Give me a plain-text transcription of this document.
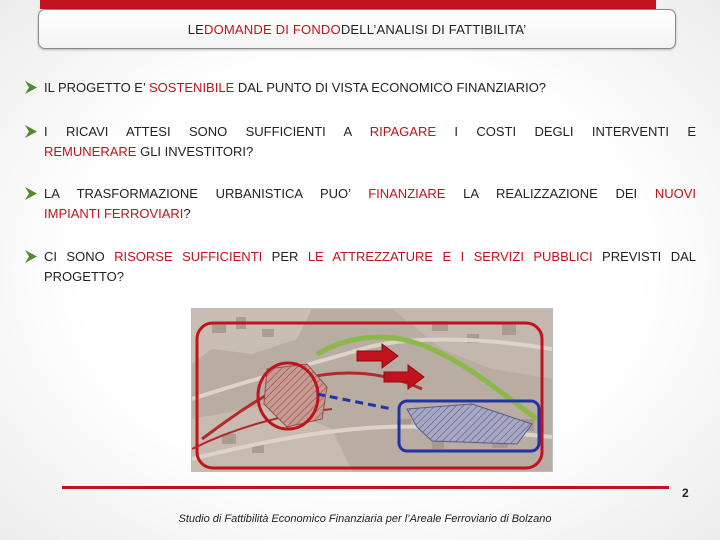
LE DOMANDE DI FONDO DELL’ANALISI DI FATTIBILITA’
IL PROGETTO E’ SOSTENIBILE DAL PUNTO DI VISTA ECONOMICO FINANZIARIO?
I RICAVI ATTESI SONO SUFFICIENTI A RIPAGARE I COSTI DEGLI INTERVENTI E
REMUNERARE GLI INVESTITORI?
LA TRASFORMAZIONE URBANISTICA PUO’ FINANZIARE LA REALIZZAZIONE DEI NUOVI
IMPIANTI FERROVIARI?
CI SONO RISORSE SUFFICIENTI PER LE ATTREZZATURE E I SERVIZI PUBBLICI PREVISTI DAL
PROGETTO?
2
Studio di Fattibilità Economico Finanziaria per l’Areale Ferroviario di Bolzano
